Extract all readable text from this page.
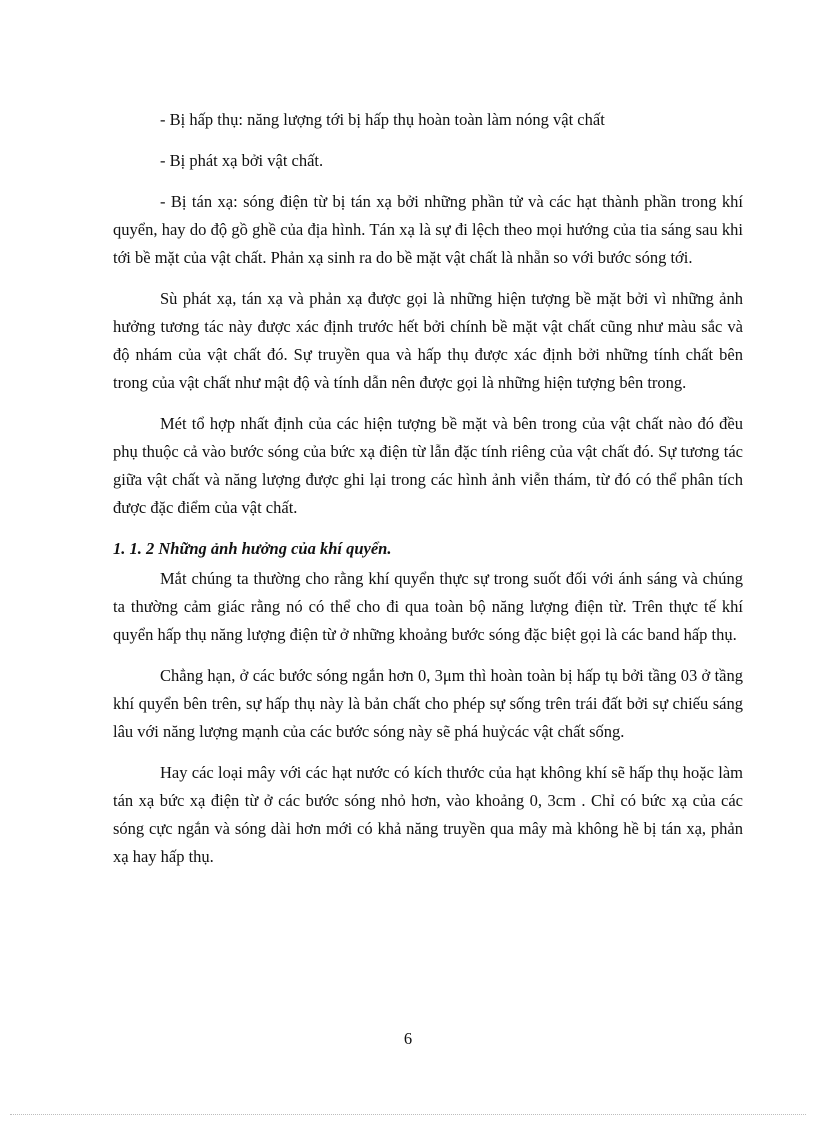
- Bị hấp thụ: năng lượng tới bị hấp thụ hoàn toàn làm nóng vật chất

- Bị phát xạ bởi vật chất.

- Bị tán xạ: sóng điện từ bị tán xạ bởi những phần tử và các hạt thành phần trong khí quyển, hay do độ gồ ghề của địa hình. Tán xạ là sự đi lệch theo mọi hướng của tia sáng sau khi tới bề mặt của vật chất. Phản xạ sinh ra do bề mặt vật chất là nhẵn so với bước sóng tới.

Sù phát xạ, tán xạ và phản xạ được gọi là những hiện tượng bề mặt bởi vì những ảnh hưởng tương tác này được xác định trước hết bởi chính bề mặt vật chất cũng như màu sắc và độ nhám của vật chất đó. Sự truyền qua và hấp thụ được xác định bởi những tính chất bên trong của vật chất như mật độ và tính dẫn nên được gọi là những hiện tượng bên trong.

Mét tổ hợp nhất định của các hiện tượng bề mặt và bên trong của vật chất nào đó đều phụ thuộc cả vào bước sóng của bức xạ điện từ lẫn đặc tính riêng của vật chất đó. Sự tương tác giữa vật chất và năng lượng được ghi lại trong các hình ảnh viễn thám, từ đó có thể phân tích được đặc điểm của vật chất.

1. 1. 2 Những ảnh hưởng của khí quyển.

Mắt chúng ta thường cho rằng khí quyển thực sự trong suốt đối với ánh sáng và chúng ta thường cảm giác rằng nó có thể cho đi qua toàn bộ năng lượng điện từ. Trên thực tế khí quyển hấp thụ năng lượng điện từ ở những khoảng bước sóng đặc biệt gọi là các band hấp thụ.

Chẳng hạn, ở các bước sóng ngắn hơn 0, 3μm thì hoàn toàn bị hấp tụ bởi tầng 03 ở tầng khí quyển bên trên, sự hấp thụ này là bản chất cho phép sự sống trên trái đất bởi sự chiếu sáng lâu với năng lượng mạnh của các bước sóng này sẽ phá huỷcác vật chất sống.

Hay các loại mây với các hạt nước có kích thước của hạt không khí sẽ hấp thụ hoặc làm tán xạ bức xạ điện từ ở các bước sóng nhỏ hơn, vào khoảng 0, 3cm . Chỉ có bức xạ của các sóng cực ngắn và sóng dài hơn mới có khả năng truyền qua mây mà không hề bị tán xạ, phản xạ hay hấp thụ.

6
